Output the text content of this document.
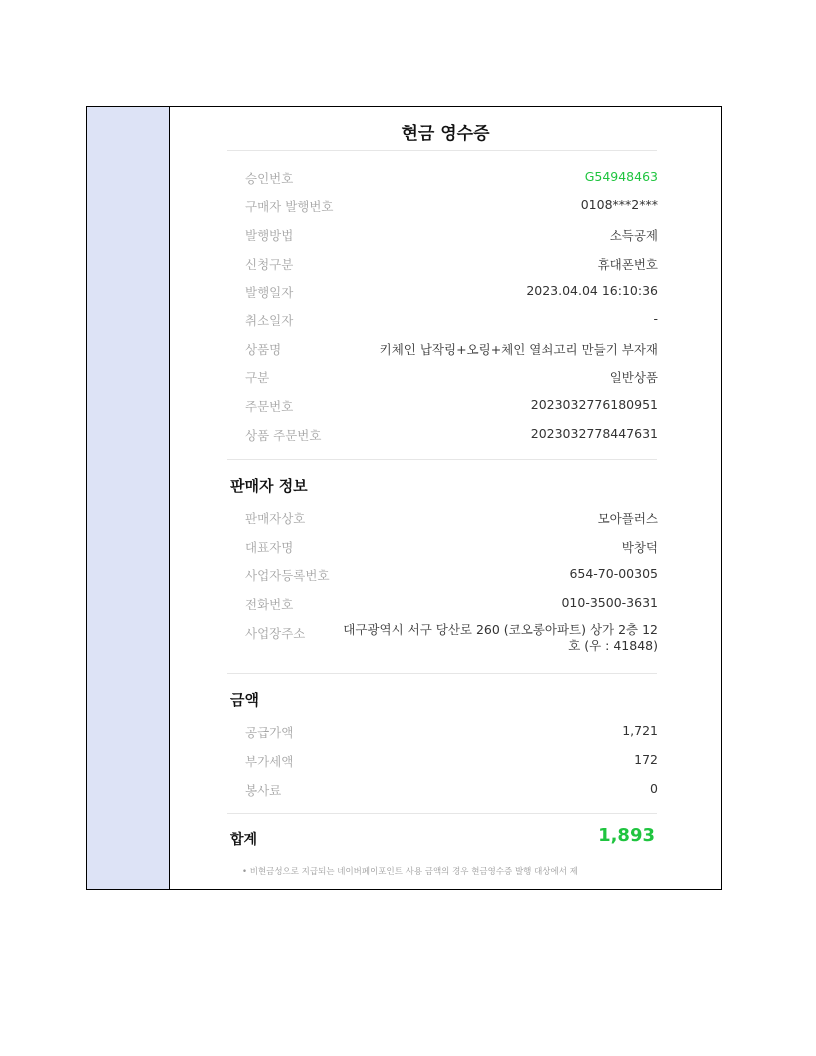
현금 영수증
승인번호	G54948463
구매자 발행번호	0108***2***
발행방법	소득공제
신청구분	휴대폰번호
발행일자	2023.04.04 16:10:36
취소일자	-
상품명	키체인 납작링+오링+체인 열쇠고리 만들기 부자재
구분	일반상품
주문번호	2023032776180951
상품 주문번호	2023032778447631
판매자 정보
판매자상호	모아플러스
대표자명	박창덕
사업자등록번호	654-70-00305
전화번호	010-3500-3631
사업장주소	대구광역시 서구 당산로 260 (코오롱아파트) 상가 2층 12호 (우 : 41848)
금액
공급가액	1,721
부가세액	172
봉사료	0
합계	1,893
• 비현금성으로 지급되는 네이버페이포인트 사용 금액의 경우 현금영수증 발행 대상에서 제
